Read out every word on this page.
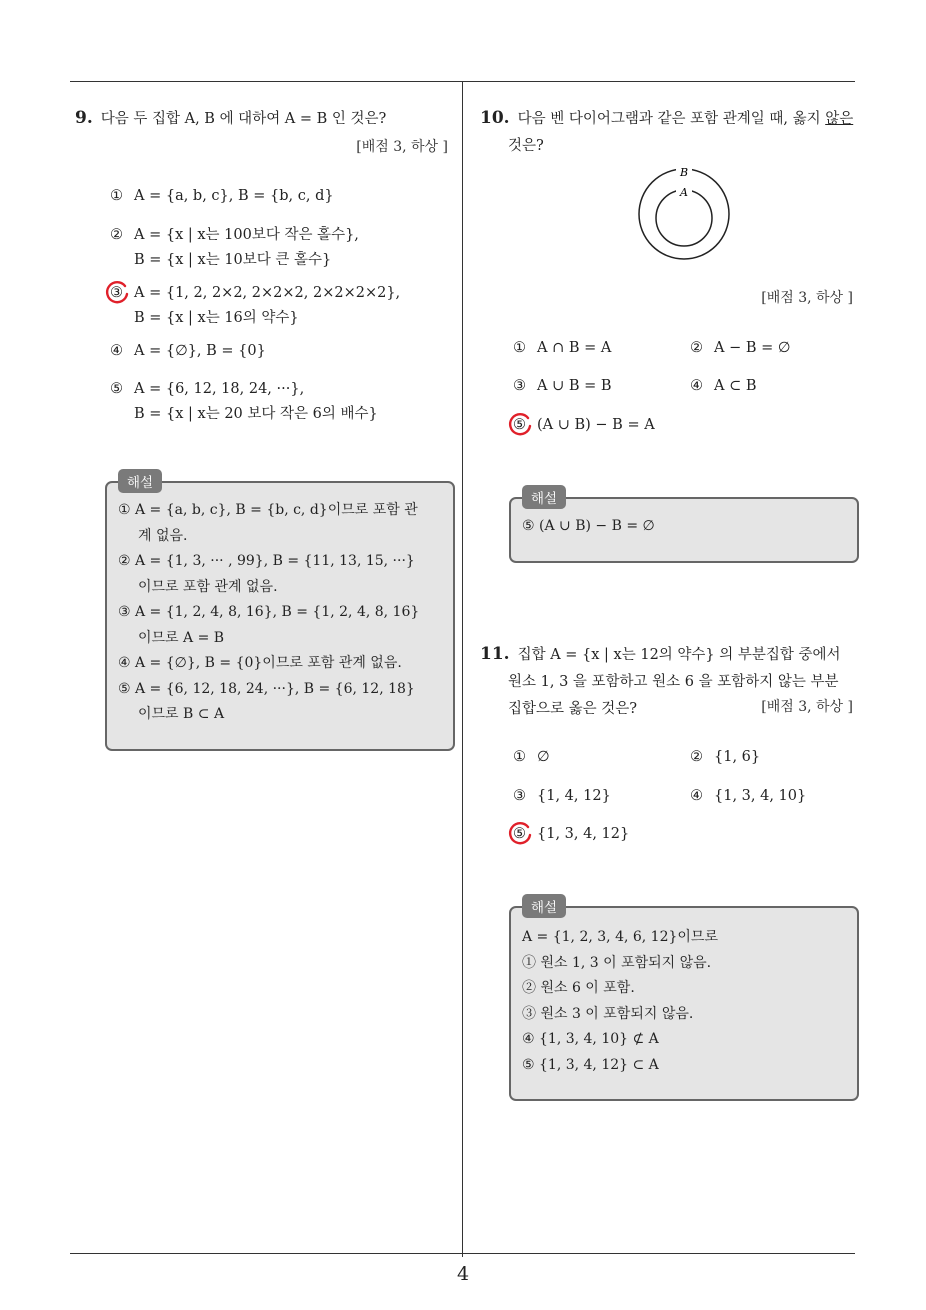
4
9. 다음 두 집합 A, B 에 대하여 A = B 인 것은?
[배점 3, 하상 ]
① A = {a, b, c}, B = {b, c, d}
② A = {x | x는 100보다 작은 홀수},
B = {x | x는 10보다 큰 홀수}
③ A = {1, 2, 2×2, 2×2×2, 2×2×2×2},
B = {x | x는 16의 약수}
④ A = {∅}, B = {0}
⑤ A = {6, 12, 18, 24, ···},
B = {x | x는 20 보다 작은 6의 배수}
해설
① A = {a, b, c}, B = {b, c, d}이므로 포함 관
계 없음.
② A = {1, 3, ··· , 99}, B = {11, 13, 15, ···}
이므로 포함 관계 없음.
③ A = {1, 2, 4, 8, 16}, B = {1, 2, 4, 8, 16}
이므로 A = B
④ A = {∅}, B = {0}이므로 포함 관계 없음.
⑤ A = {6, 12, 18, 24, ···}, B = {6, 12, 18}
이므로 B ⊂ A
10. 다음 벤 다이어그램과 같은 포함 관계일 때, 옳지 않은
것은?
B
A
[배점 3, 하상 ]
① A ∩ B = A	② A − B = ∅
③ A ∪ B = B	④ A ⊂ B
⑤ (A ∪ B) − B = A
해설
⑤ (A ∪ B) − B = ∅
11. 집합 A = {x | x는 12의 약수} 의 부분집합 중에서
원소 1, 3 을 포함하고 원소 6 을 포함하지 않는 부분
집합으로 옳은 것은?	[배점 3, 하상 ]
① ∅	② {1, 6}
③ {1, 4, 12}	④ {1, 3, 4, 10}
⑤ {1, 3, 4, 12}
해설
A = {1, 2, 3, 4, 6, 12}이므로
① 원소 1, 3 이 포함되지 않음.
② 원소 6 이 포함.
③ 원소 3 이 포함되지 않음.
④ {1, 3, 4, 10} ⊄ A
⑤ {1, 3, 4, 12} ⊂ A
